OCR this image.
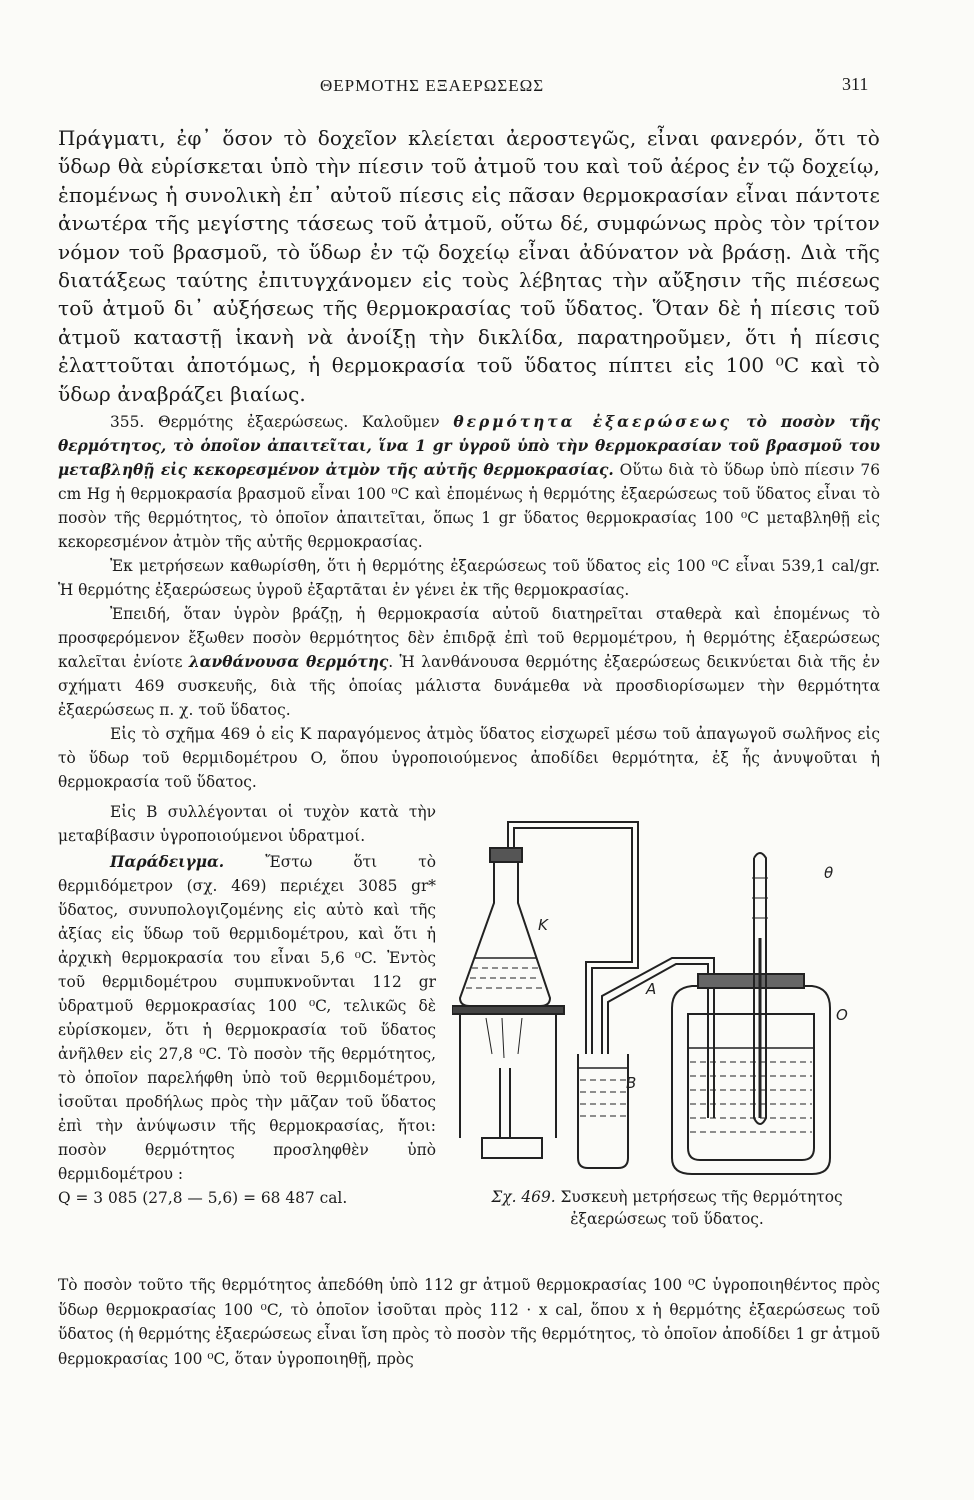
ΘΕΡΜΟΤΗΣ ΕΞΑΕΡΩΣΕΩΣ	311

Πράγματι, ἐφ᾿ ὅσον τὸ δοχεῖον κλείεται ἀεροστεγῶς, εἶναι φανερόν, ὅτι τὸ ὕδωρ θὰ εὑρίσκεται ὑπὸ τὴν πίεσιν τοῦ ἀτμοῦ του καὶ τοῦ ἀέρος ἐν τῷ δοχείῳ, ἑπομένως ἡ συνολικὴ ἐπ᾿ αὐτοῦ πίεσις εἰς πᾶσαν θερμοκρασίαν εἶναι πάντοτε ἀνωτέρα τῆς μεγίστης τάσεως τοῦ ἀτμοῦ, οὕτω δέ, συμφώνως πρὸς τὸν τρίτον νόμον τοῦ βρασμοῦ, τὸ ὕδωρ ἐν τῷ δοχείῳ εἶναι ἀδύνατον νὰ βράσῃ. Διὰ τῆς διατάξεως ταύτης ἐπιτυγχάνομεν εἰς τοὺς λέβητας τὴν αὔξησιν τῆς πιέσεως τοῦ ἀτμοῦ δι᾿ αὐξήσεως τῆς θερμοκρασίας τοῦ ὕδατος. Ὅταν δὲ ἡ πίεσις τοῦ ἀτμοῦ καταστῇ ἱκανὴ νὰ ἀνοίξῃ τὴν δικλίδα, παρατηροῦμεν, ὅτι ἡ πίεσις ἐλαττοῦται ἀποτόμως, ἡ θερμοκρασία τοῦ ὕδατος πίπτει εἰς 100 ⁰C καὶ τὸ ὕδωρ ἀναβράζει βιαίως.

355. Θερμότης ἐξαερώσεως. Καλοῦμεν θερμότητα ἐξαερώσεως τὸ ποσὸν τῆς θερμότητος, τὸ ὁποῖον ἀπαιτεῖται, ἵνα 1 gr ὑγροῦ ὑπὸ τὴν θερμοκρασίαν τοῦ βρασμοῦ του μεταβληθῇ εἰς κεκορεσμένον ἀτμὸν τῆς αὐτῆς θερμοκρασίας. Οὕτω διὰ τὸ ὕδωρ ὑπὸ πίεσιν 76 cm Hg ἡ θερμοκρασία βρασμοῦ εἶναι 100 ⁰C καὶ ἑπομένως ἡ θερμότης ἐξαερώσεως τοῦ ὕδατος εἶναι τὸ ποσὸν τῆς θερμότητος, τὸ ὁποῖον ἀπαιτεῖται, ὅπως 1 gr ὕδατος θερμοκρασίας 100 ⁰C μεταβληθῇ εἰς κεκορεσμένον ἀτμὸν τῆς αὐτῆς θερμοκρασίας.

Ἐκ μετρήσεων καθωρίσθη, ὅτι ἡ θερμότης ἐξαερώσεως τοῦ ὕδατος εἰς 100 ⁰C εἶναι 539,1 cal/gr. Ἡ θερμότης ἐξαερώσεως ὑγροῦ ἐξαρτᾶται ἐν γένει ἐκ τῆς θερμοκρασίας.

Ἐπειδή, ὅταν ὑγρὸν βράζῃ, ἡ θερμοκρασία αὐτοῦ διατηρεῖται σταθερὰ καὶ ἑπομένως τὸ προσφερόμενον ἔξωθεν ποσὸν θερμότητος δὲν ἐπιδρᾷ ἐπὶ τοῦ θερμομέτρου, ἡ θερμότης ἐξαερώσεως καλεῖται ἐνίοτε λανθάνουσα θερμότης. Ἡ λανθάνουσα θερμότης ἐξαερώσεως δεικνύεται διὰ τῆς ἐν σχήματι 469 συσκευῆς, διὰ τῆς ὁποίας μάλιστα δυνάμεθα νὰ προσδιορίσωμεν τὴν θερμότητα ἐξαερώσεως π. χ. τοῦ ὕδατος.

Εἰς τὸ σχῆμα 469 ὁ εἰς K παραγόμενος ἀτμὸς ὕδατος εἰσχωρεῖ μέσω τοῦ ἀπαγωγοῦ σωλῆνος εἰς τὸ ὕδωρ τοῦ θερμιδομέτρου O, ὅπου ὑγροποιούμενος ἀποδίδει θερμότητα, ἐξ ἧς ἀνυψοῦται ἡ θερμοκρασία τοῦ ὕδατος.

Εἰς B συλλέγονται οἱ τυχὸν κατὰ τὴν μεταβίβασιν ὑγροποιούμενοι ὑδρατμοί.

Παράδειγμα. Ἔστω ὅτι τὸ θερμιδόμετρον (σχ. 469) περιέχει 3085 gr* ὕδατος, συνυπολογιζομένης εἰς αὐτὸ καὶ τῆς ἀξίας εἰς ὕδωρ τοῦ θερμιδομέτρου, καὶ ὅτι ἡ ἀρχικὴ θερμοκρασία του εἶναι 5,6 ⁰C. Ἐντὸς τοῦ θερμιδομέτρου συμπυκνοῦνται 112 gr ὑδρατμοῦ θερμοκρασίας 100 ⁰C, τελικῶς δὲ εὑρίσκομεν, ὅτι ἡ θερμοκρασία τοῦ ὕδατος ἀνῆλθεν εἰς 27,8 ⁰C. Τὸ ποσὸν τῆς θερμότητος, τὸ ὁποῖον παρελήφθη ὑπὸ τοῦ θερμιδομέτρου, ἰσοῦται προδήλως πρὸς τὴν μᾶζαν τοῦ ὕδατος ἐπὶ τὴν ἀνύψωσιν τῆς θερμοκρασίας, ἤτοι: ποσὸν θερμότητος προσληφθὲν ὑπὸ θερμιδομέτρου :

Q = 3 085 (27,8 — 5,6) = 68 487 cal.

θ
K
A
O
B
Σχ. 469. Συσκευὴ μετρήσεως τῆς θερμότητος ἐξαερώσεως τοῦ ὕδατος.

Τὸ ποσὸν τοῦτο τῆς θερμότητος ἀπεδόθη ὑπὸ 112 gr ἀτμοῦ θερμοκρασίας 100 ⁰C ὑγροποιηθέντος πρὸς ὕδωρ θερμοκρασίας 100 ⁰C, τὸ ὁποῖον ἰσοῦται πρὸς 112 · x cal, ὅπου x ἡ θερμότης ἐξαερώσεως τοῦ ὕδατος (ἡ θερμότης ἐξαερώσεως εἶναι ἴση πρὸς τὸ ποσὸν τῆς θερμότητος, τὸ ὁποῖον ἀποδίδει 1 gr ἀτμοῦ θερμοκρασίας 100 ⁰C, ὅταν ὑγροποιηθῇ, πρὸς
